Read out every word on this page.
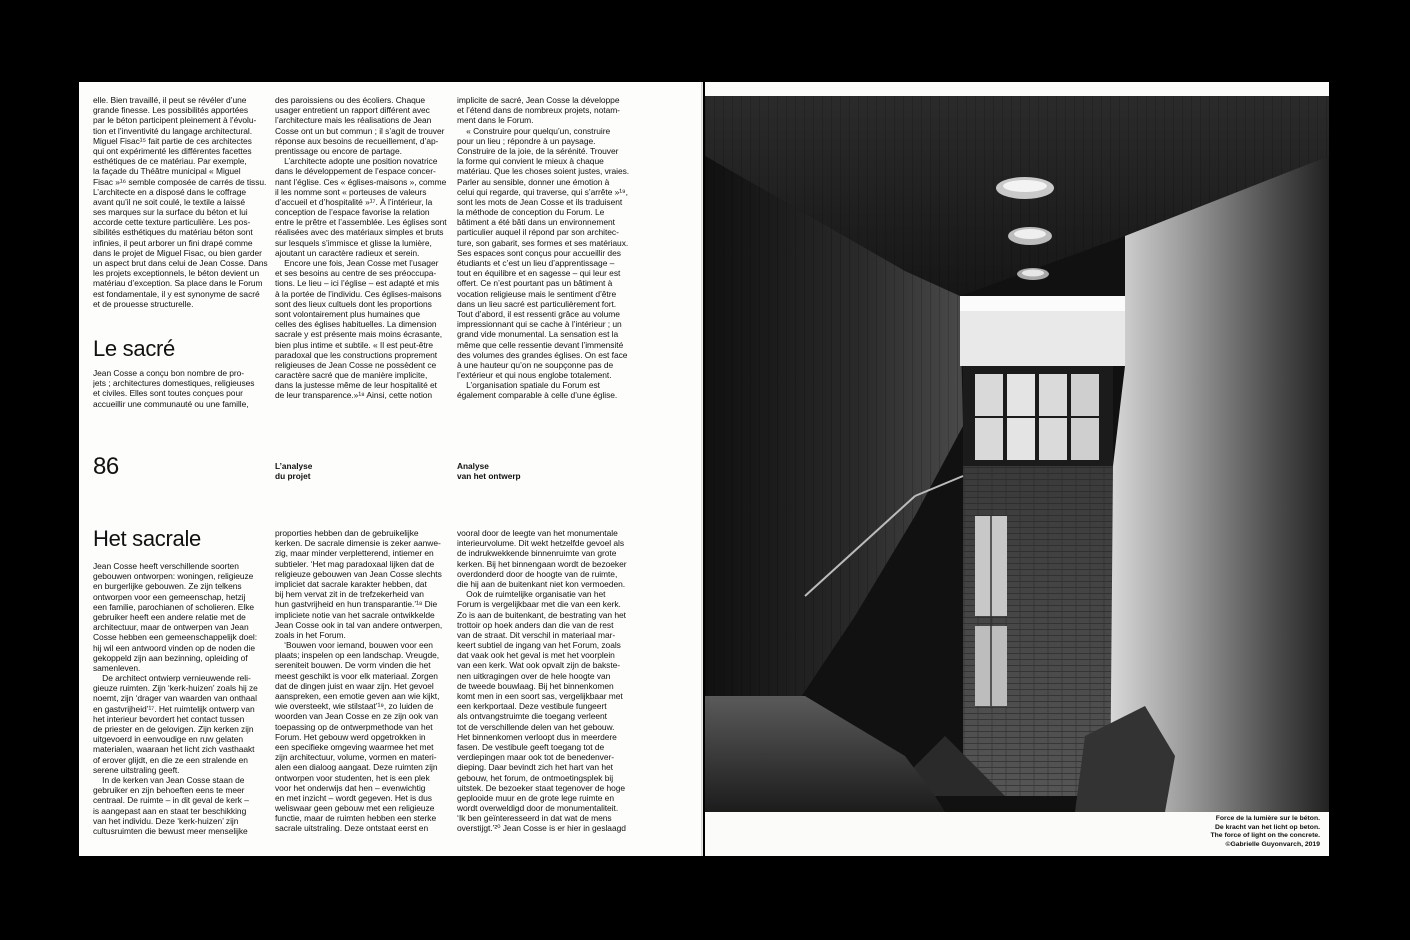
elle. Bien travaillé, il peut se révéler d’une
grande finesse. Les possibilités apportées
par le béton participent pleinement à l’évolu-
tion et l’inventivité du langage architectural.
Miguel Fisac¹⁵ fait partie de ces architectes
qui ont expérimenté les différentes facettes
esthétiques de ce matériau. Par exemple,
la façade du Théâtre municipal « Miguel
Fisac »¹⁶ semble composée de carrés de tissu.
L’architecte en a disposé dans le coffrage
avant qu’il ne soit coulé, le textile a laissé
ses marques sur la surface du béton et lui
accorde cette texture particulière. Les pos-
sibilités esthétiques du matériau béton sont
infinies, il peut arborer un fini drapé comme
dans le projet de Miguel Fisac, ou bien garder
un aspect brut dans celui de Jean Cosse. Dans
les projets exceptionnels, le béton devient un
matériau d’exception. Sa place dans le Forum
est fondamentale, il y est synonyme de sacré
et de prouesse structurelle.
des paroissiens ou des écoliers. Chaque
usager entretient un rapport différent avec
l’architecture mais les réalisations de Jean
Cosse ont un but commun ; il s’agit de trouver
réponse aux besoins de recueillement, d’ap-
prentissage ou encore de partage.
L’architecte adopte une position novatrice
dans le développement de l’espace concer-
nant l’église. Ces « églises-maisons », comme
il les nomme sont « porteuses de valeurs
d’accueil et d’hospitalité »¹⁷. À l’intérieur, la
conception de l’espace favorise la relation
entre le prêtre et l’assemblée. Les églises sont
réalisées avec des matériaux simples et bruts
sur lesquels s’immisce et glisse la lumière,
ajoutant un caractère radieux et serein.
Encore une fois, Jean Cosse met l’usager
et ses besoins au centre de ses préoccupa-
tions. Le lieu – ici l’église – est adapté et mis
à la portée de l’individu. Ces églises-maisons
sont des lieux cultuels dont les proportions
sont volontairement plus humaines que
celles des églises habituelles. La dimension
sacrale y est présente mais moins écrasante,
bien plus intime et subtile. « Il est peut-être
paradoxal que les constructions proprement
religieuses de Jean Cosse ne possèdent ce
caractère sacré que de manière implicite,
dans la justesse même de leur hospitalité et
de leur transparence.»¹⁸ Ainsi, cette notion
implicite de sacré, Jean Cosse la développe
et l’étend dans de nombreux projets, notam-
ment dans le Forum.
« Construire pour quelqu’un, construire
pour un lieu ; répondre à un paysage.
Construire de la joie, de la sérénité. Trouver
la forme qui convient le mieux à chaque
matériau. Que les choses soient justes, vraies.
Parler au sensible, donner une émotion à
celui qui regarde, qui traverse, qui s’arrête »¹⁹,
sont les mots de Jean Cosse et ils traduisent
la méthode de conception du Forum. Le
bâtiment a été bâti dans un environnement
particulier auquel il répond par son architec-
ture, son gabarit, ses formes et ses matériaux.
Ses espaces sont conçus pour accueillir des
étudiants et c’est un lieu d’apprentissage –
tout en équilibre et en sagesse – qui leur est
offert. Ce n’est pourtant pas un bâtiment à
vocation religieuse mais le sentiment d’être
dans un lieu sacré est particulièrement fort.
Tout d’abord, il est ressenti grâce au volume
impressionnant qui se cache à l’intérieur ; un
grand vide monumental. La sensation est la
même que celle ressentie devant l’immensité
des volumes des grandes églises. On est face
à une hauteur qu’on ne soupçonne pas de
l’extérieur et qui nous englobe totalement.
L’organisation spatiale du Forum est
également comparable à celle d’une église.
Le sacré
Jean Cosse a conçu bon nombre de pro-
jets ; architectures domestiques, religieuses
et civiles. Elles sont toutes conçues pour
accueillir une communauté ou une famille,
86	L’analyse
du projet
Analyse
van het ontwerp
Het sacrale
Jean Cosse heeft verschillende soorten
gebouwen ontworpen: woningen, religieuze
en burgerlijke gebouwen. Ze zijn telkens
ontworpen voor een gemeenschap, hetzij
een familie, parochianen of scholieren. Elke
gebruiker heeft een andere relatie met de
architectuur, maar de ontwerpen van Jean
Cosse hebben een gemeenschappelijk doel:
hij wil een antwoord vinden op de noden die
gekoppeld zijn aan bezinning, opleiding of
samenleven.
De architect ontwierp vernieuwende reli-
gieuze ruimten. Zijn ‘kerk-huizen’ zoals hij ze
noemt, zijn ‘drager van waarden van onthaal
en gastvrijheid’¹⁷. Het ruimtelijk ontwerp van
het interieur bevordert het contact tussen
de priester en de gelovigen. Zijn kerken zijn
uitgevoerd in eenvoudige en ruw gelaten
materialen, waaraan het licht zich vasthaakt
of erover glijdt, en die ze een stralende en
serene uitstraling geeft.
In de kerken van Jean Cosse staan de
gebruiker en zijn behoeften eens te meer
centraal. De ruimte – in dit geval de kerk –
is aangepast aan en staat ter beschikking
van het individu. Deze ‘kerk-huizen’ zijn
cultusruimten die bewust meer menselijke
proporties hebben dan de gebruikelijke
kerken. De sacrale dimensie is zeker aanwe-
zig, maar minder verpletterend, intiemer en
subtieler. ‘Het mag paradoxaal lijken dat de
religieuze gebouwen van Jean Cosse slechts
impliciet dat sacrale karakter hebben, dat
bij hem vervat zit in de trefzekerheid van
hun gastvrijheid en hun transparantie.’¹⁸ Die
impliciete notie van het sacrale ontwikkelde
Jean Cosse ook in tal van andere ontwerpen,
zoals in het Forum.
‘Bouwen voor iemand, bouwen voor een
plaats; inspelen op een landschap. Vreugde,
sereniteit bouwen. De vorm vinden die het
meest geschikt is voor elk materiaal. Zorgen
dat de dingen juist en waar zijn. Het gevoel
aanspreken, een emotie geven aan wie kijkt,
wie oversteekt, wie stilstaat’¹⁹, zo luiden de
woorden van Jean Cosse en ze zijn ook van
toepassing op de ontwerpmethode van het
Forum. Het gebouw werd opgetrokken in
een specifieke omgeving waarmee het met
zijn architectuur, volume, vormen en materi-
alen een dialoog aangaat. Deze ruimten zijn
ontworpen voor studenten, het is een plek
voor het onderwijs dat hen – evenwichtig
en met inzicht – wordt gegeven. Het is dus
weliswaar geen gebouw met een religieuze
functie, maar de ruimten hebben een sterke
sacrale uitstraling. Deze ontstaat eerst en
vooral door de leegte van het monumentale
interieurvolume. Dit wekt hetzelfde gevoel als
de indrukwekkende binnenruimte van grote
kerken. Bij het binnengaan wordt de bezoeker
overdonderd door de hoogte van de ruimte,
die hij aan de buitenkant niet kon vermoeden.
Ook de ruimtelijke organisatie van het
Forum is vergelijkbaar met die van een kerk.
Zo is aan de buitenkant, de bestrating van het
trottoir op hoek anders dan die van de rest
van de straat. Dit verschil in materiaal mar-
keert subtiel de ingang van het Forum, zoals
dat vaak ook het geval is met het voorplein
van een kerk. Wat ook opvalt zijn de bakste-
nen uitkragingen over de hele hoogte van
de tweede bouwlaag. Bij het binnenkomen
komt men in een soort sas, vergelijkbaar met
een kerkportaal. Deze vestibule fungeert
als ontvangstruimte die toegang verleent
tot de verschillende delen van het gebouw.
Het binnenkomen verloopt dus in meerdere
fasen. De vestibule geeft toegang tot de
verdiepingen maar ook tot de benedenver-
dieping. Daar bevindt zich het hart van het
gebouw, het forum, de ontmoetingsplek bij
uitstek. De bezoeker staat tegenover de hoge
geplooide muur en de grote lege ruimte en
wordt overweldigd door de monumentaliteit.
‘Ik ben geïnteresseerd in dat wat de mens
overstijgt.’²⁰ Jean Cosse is er hier in geslaagd
Force de la lumière sur le béton.
De kracht van het licht op beton.
The force of light on the concrete.
©Gabrielle Guyonvarch, 2019
